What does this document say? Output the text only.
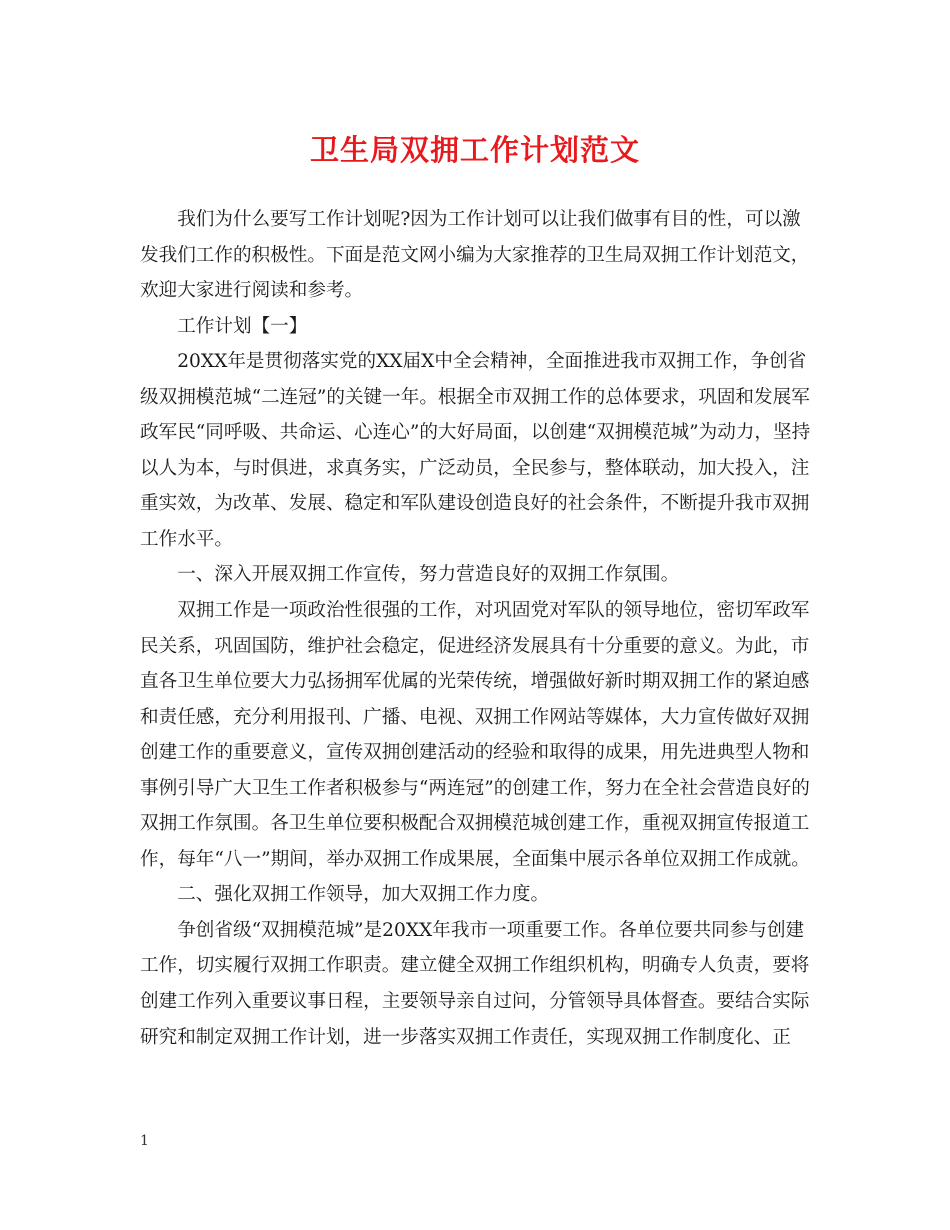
卫生局双拥工作计划范文

我们为什么要写工作计划呢?因为工作计划可以让我们做事有目的性，可以激发我们工作的积极性。下面是范文网小编为大家推荐的卫生局双拥工作计划范文，欢迎大家进行阅读和参考。

工作计划【一】

20XX年是贯彻落实党的XX届X中全会精神，全面推进我市双拥工作，争创省级双拥模范城“二连冠”的关键一年。根据全市双拥工作的总体要求，巩固和发展军政军民“同呼吸、共命运、心连心”的大好局面，以创建“双拥模范城”为动力，坚持以人为本，与时俱进，求真务实，广泛动员，全民参与，整体联动，加大投入，注重实效，为改革、发展、稳定和军队建设创造良好的社会条件，不断提升我市双拥工作水平。

一、深入开展双拥工作宣传，努力营造良好的双拥工作氛围。

双拥工作是一项政治性很强的工作，对巩固党对军队的领导地位，密切军政军民关系，巩固国防，维护社会稳定，促进经济发展具有十分重要的意义。为此，市直各卫生单位要大力弘扬拥军优属的光荣传统，增强做好新时期双拥工作的紧迫感和责任感，充分利用报刊、广播、电视、双拥工作网站等媒体，大力宣传做好双拥创建工作的重要意义，宣传双拥创建活动的经验和取得的成果，用先进典型人物和事例引导广大卫生工作者积极参与“两连冠”的创建工作，努力在全社会营造良好的双拥工作氛围。各卫生单位要积极配合双拥模范城创建工作，重视双拥宣传报道工作，每年“八一”期间，举办双拥工作成果展，全面集中展示各单位双拥工作成就。

二、强化双拥工作领导，加大双拥工作力度。

争创省级“双拥模范城”是20XX年我市一项重要工作。各单位要共同参与创建工作，切实履行双拥工作职责。建立健全双拥工作组织机构，明确专人负责，要将创建工作列入重要议事日程，主要领导亲自过问，分管领导具体督查。要结合实际研究和制定双拥工作计划，进一步落实双拥工作责任，实现双拥工作制度化、正

1
